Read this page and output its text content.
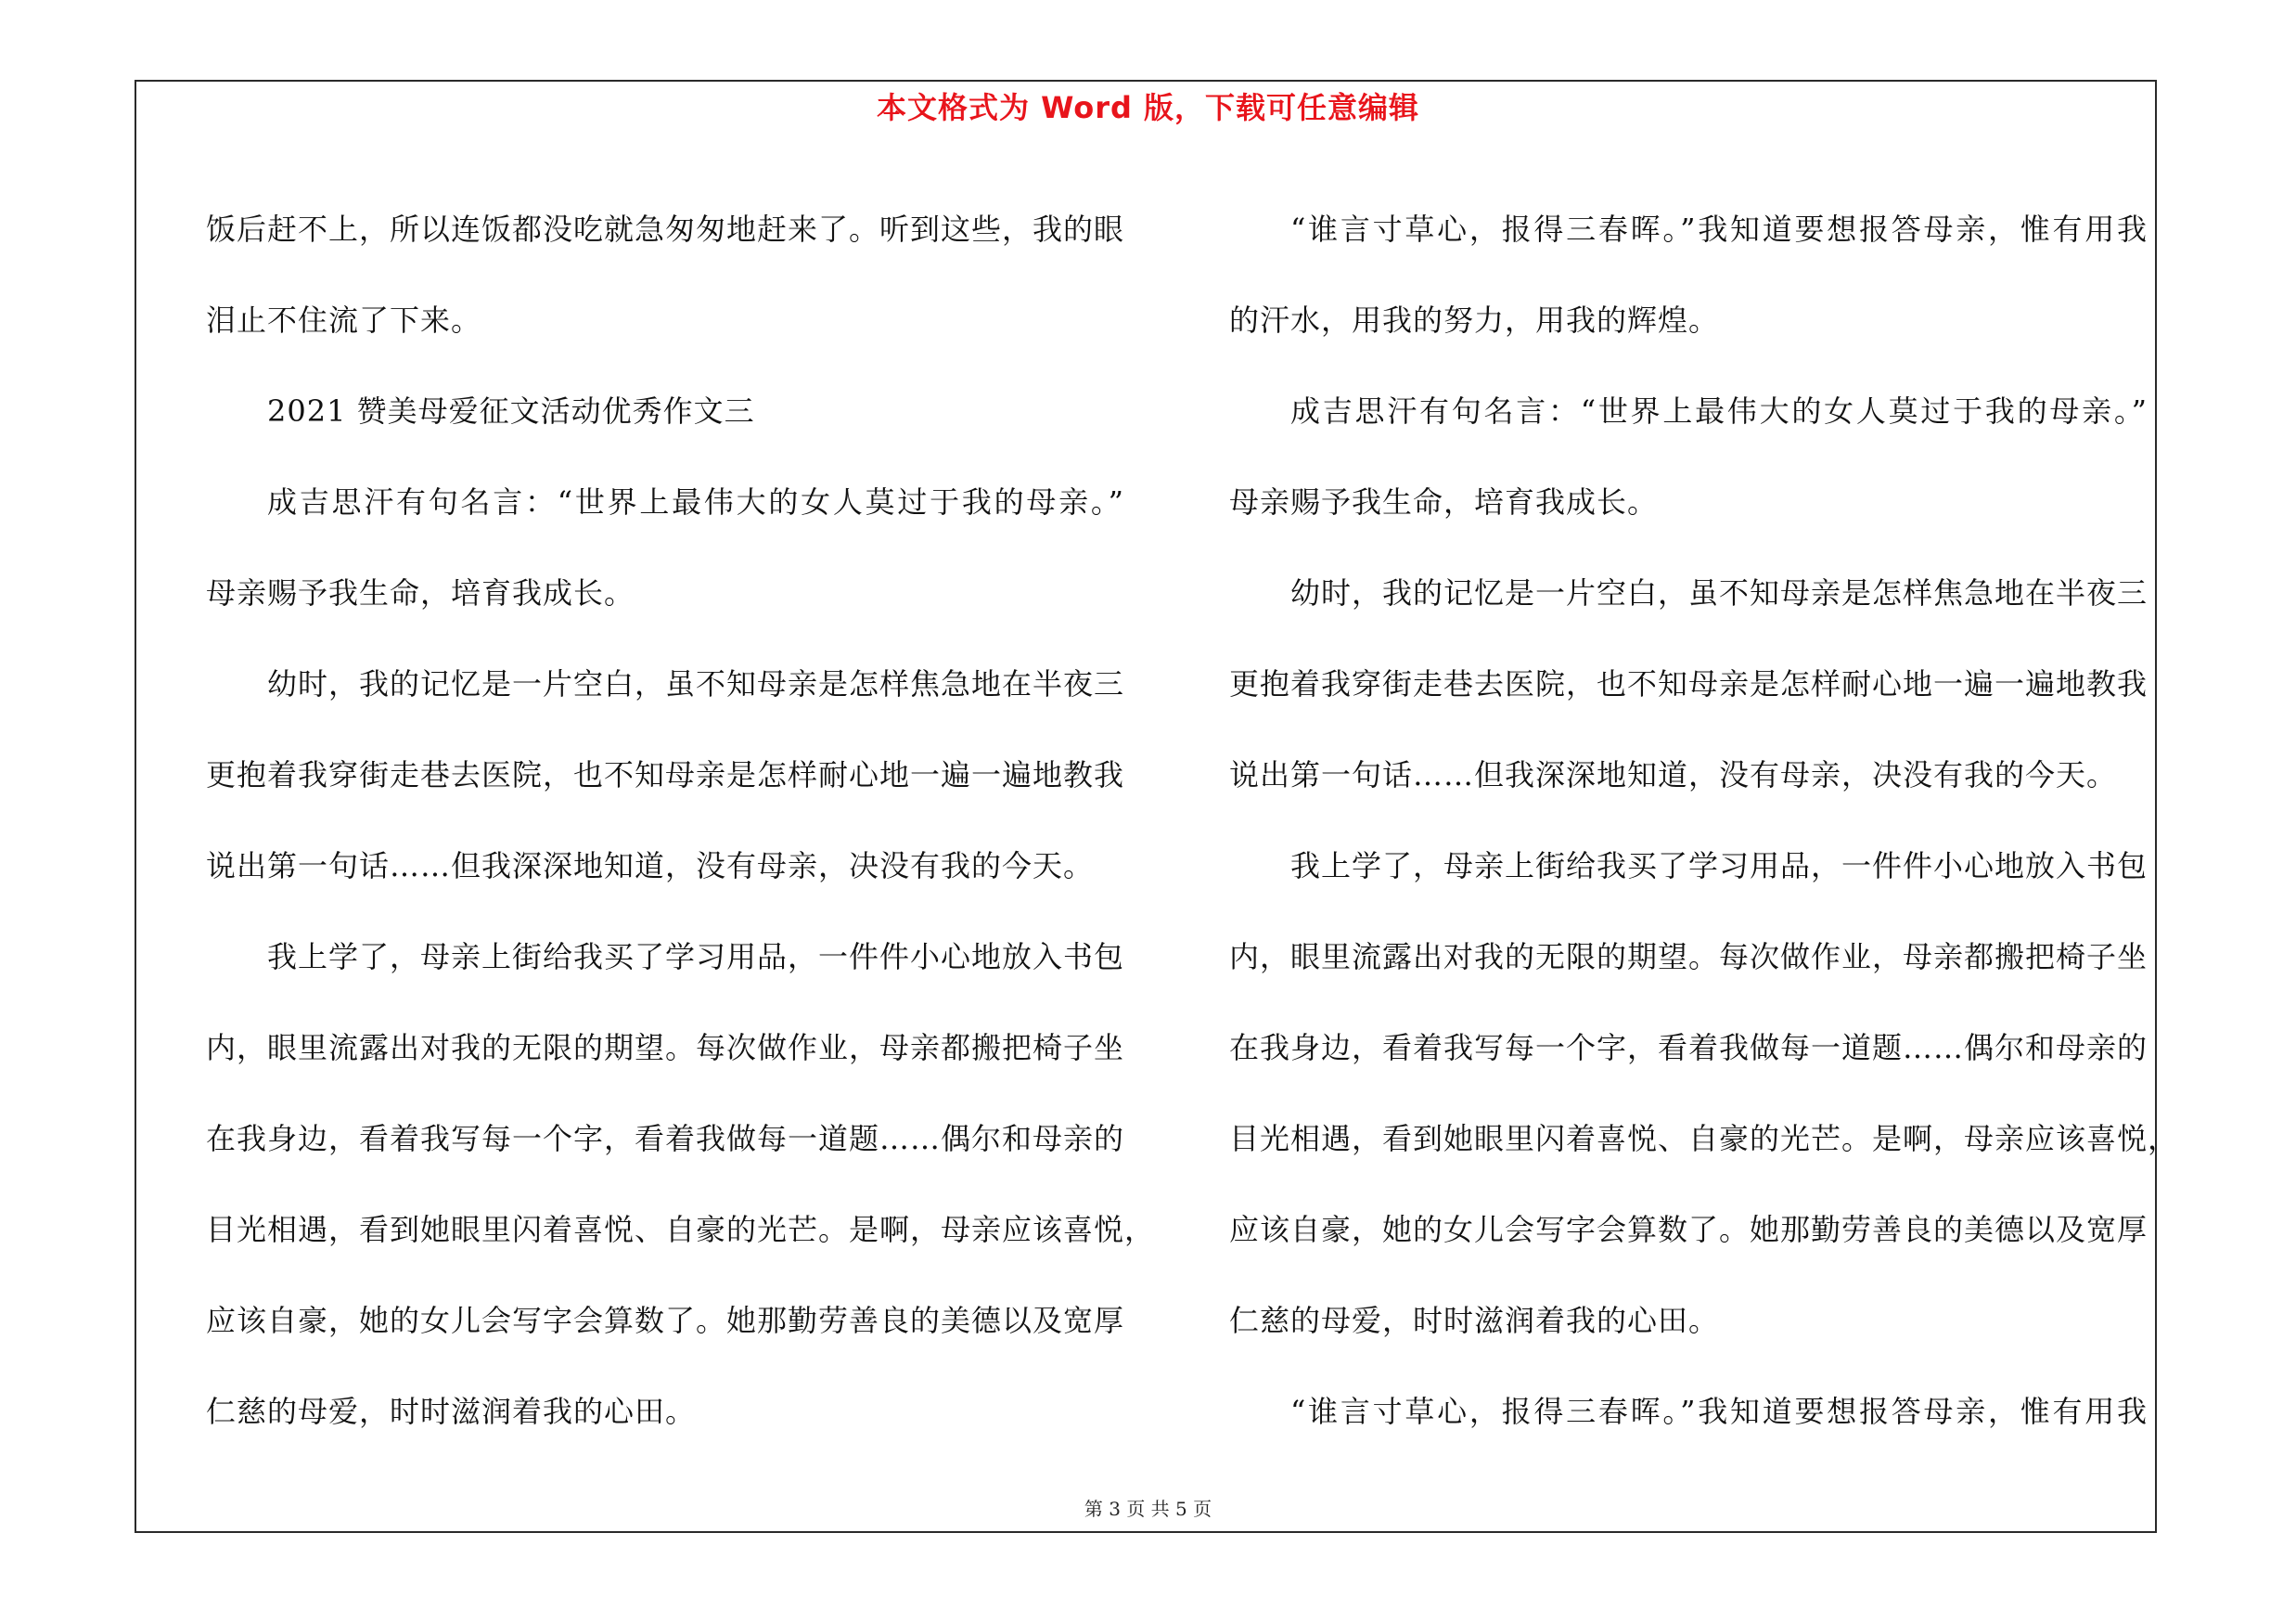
本文格式为 Word 版，下载可任意编辑
饭后赶不上，所以连饭都没吃就急匆匆地赶来了。听到这些，我的眼
泪止不住流了下来。
2021 赞美母爱征文活动优秀作文三
成吉思汗有句名言：“世界上最伟大的女人莫过于我的母亲。”
母亲赐予我生命，培育我成长。
幼时，我的记忆是一片空白，虽不知母亲是怎样焦急地在半夜三
更抱着我穿街走巷去医院，也不知母亲是怎样耐心地一遍一遍地教我
说出第一句话……但我深深地知道，没有母亲，决没有我的今天。
我上学了，母亲上街给我买了学习用品，一件件小心地放入书包
内，眼里流露出对我的无限的期望。每次做作业，母亲都搬把椅子坐
在我身边，看着我写每一个字，看着我做每一道题……偶尔和母亲的
目光相遇，看到她眼里闪着喜悦、自豪的光芒。是啊，母亲应该喜悦，
应该自豪，她的女儿会写字会算数了。她那勤劳善良的美德以及宽厚
仁慈的母爱，时时滋润着我的心田。
“谁言寸草心，报得三春晖。”我知道要想报答母亲，惟有用我
的汗水，用我的努力，用我的辉煌。
成吉思汗有句名言：“世界上最伟大的女人莫过于我的母亲。”
母亲赐予我生命，培育我成长。
幼时，我的记忆是一片空白，虽不知母亲是怎样焦急地在半夜三
更抱着我穿街走巷去医院，也不知母亲是怎样耐心地一遍一遍地教我
说出第一句话……但我深深地知道，没有母亲，决没有我的今天。
我上学了，母亲上街给我买了学习用品，一件件小心地放入书包
内，眼里流露出对我的无限的期望。每次做作业，母亲都搬把椅子坐
在我身边，看着我写每一个字，看着我做每一道题……偶尔和母亲的
目光相遇，看到她眼里闪着喜悦、自豪的光芒。是啊，母亲应该喜悦，
应该自豪，她的女儿会写字会算数了。她那勤劳善良的美德以及宽厚
仁慈的母爱，时时滋润着我的心田。
“谁言寸草心，报得三春晖。”我知道要想报答母亲，惟有用我
第 3 页 共 5 页
